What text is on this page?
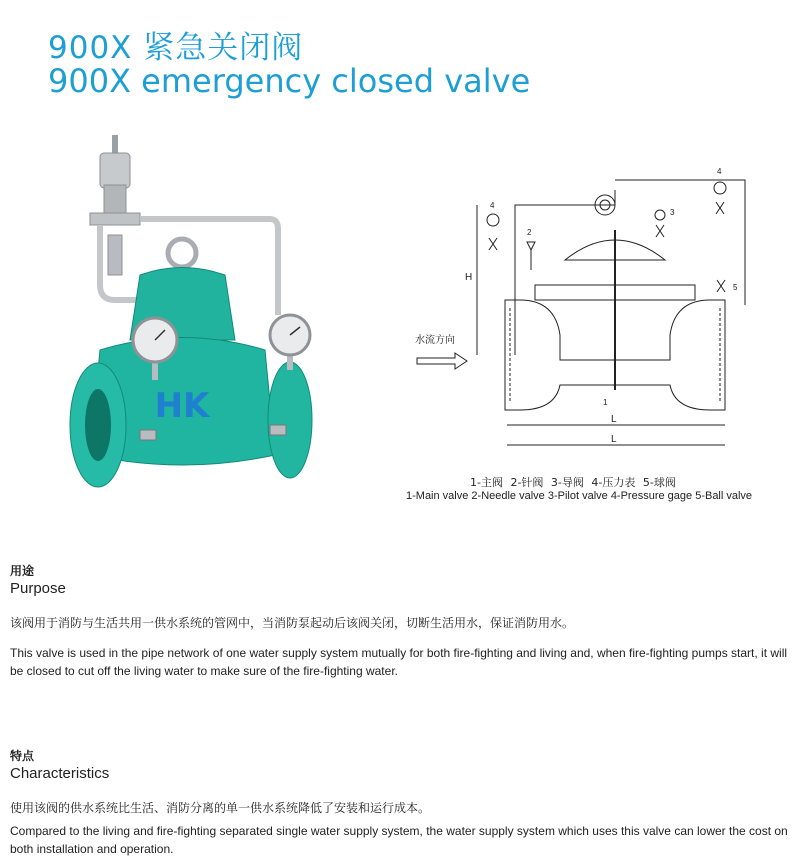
900X 紧急关闭阀
900X emergency closed valve
HK
水流方向
H
L
L
2
4
3
4
5
1
1-主阀 2-针阀 3-导阀 4-压力表 5-球阀
1-Main valve 2-Needle valve 3-Pilot valve 4-Pressure gage 5-Ball valve
用途
Purpose
该阀用于消防与生活共用一供水系统的管网中，当消防泵起动后该阀关闭，切断生活用水，保证消防用水。
This valve is used in the pipe network of one water supply system mutually for both fire-fighting and living and, when fire-fighting pumps start, it will be closed to cut off the living water to make sure of the fire-fighting water.
特点
Characteristics
使用该阀的供水系统比生活、消防分离的单一供水系统降低了安装和运行成本。
Compared to the living and fire-fighting separated single water supply system, the water supply system which uses this valve can lower the cost on both installation and operation.
